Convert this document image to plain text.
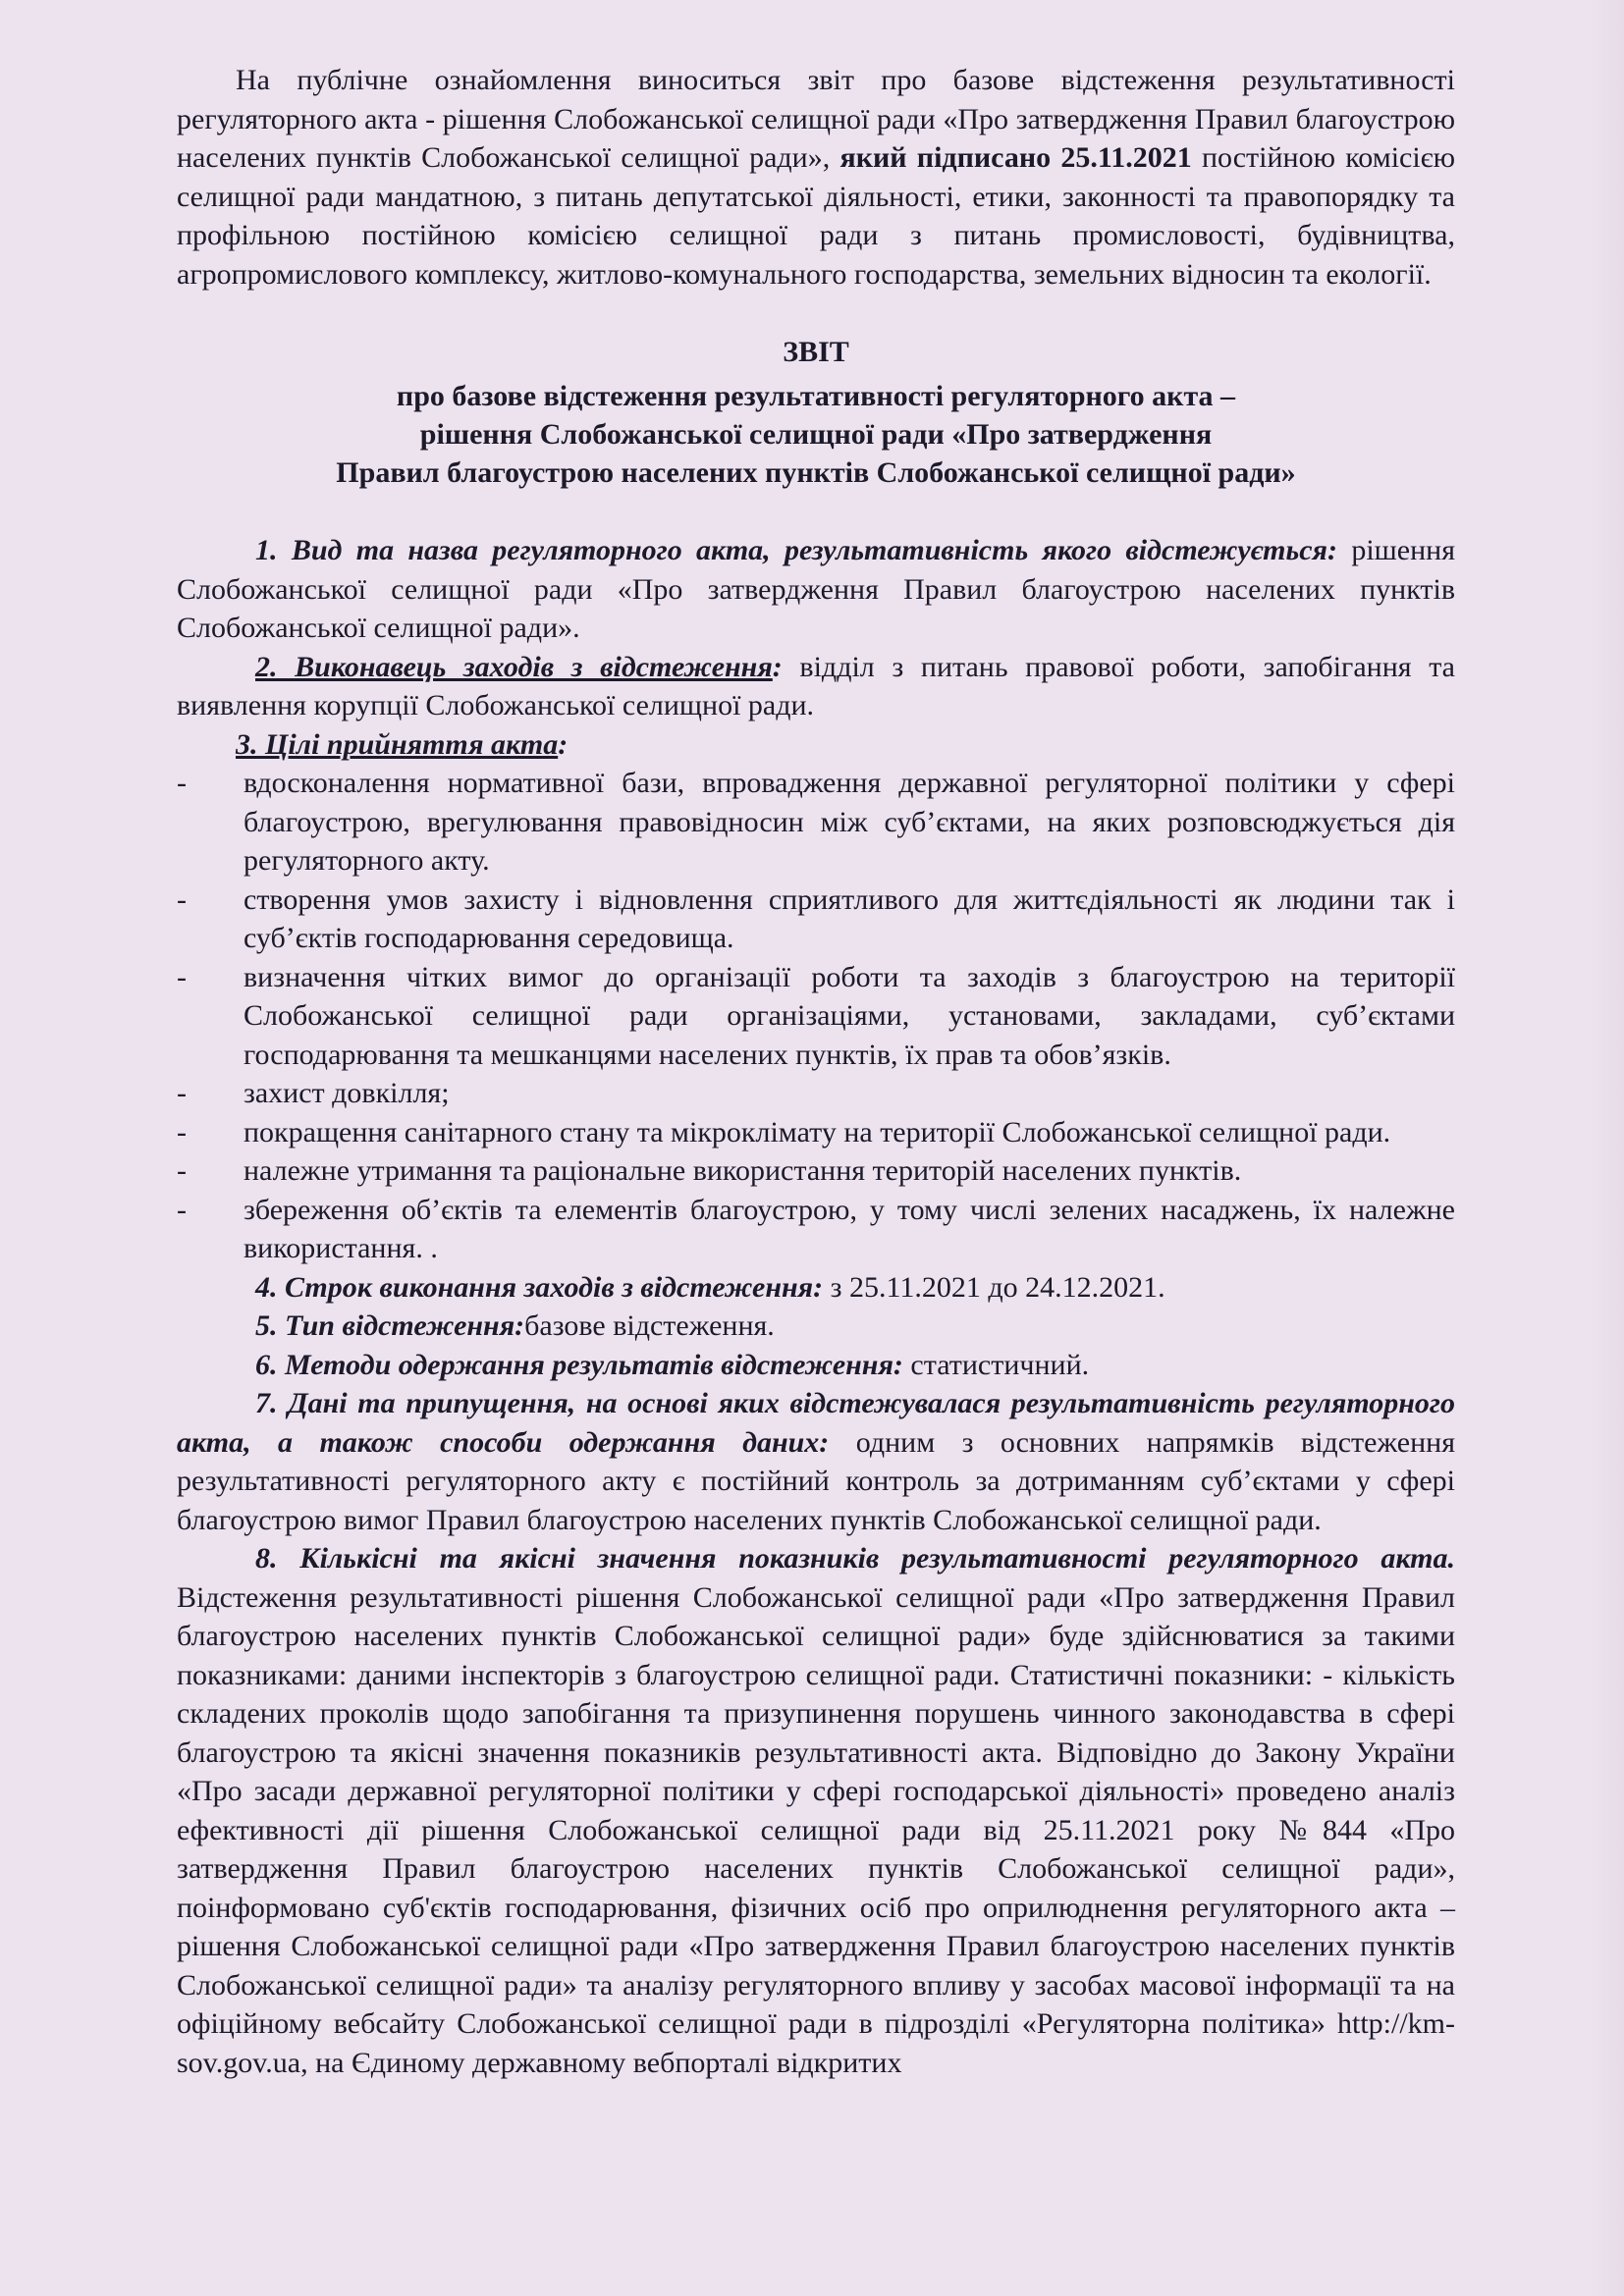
На публічне ознайомлення виноситься звіт про базове відстеження результативності регуляторного акта - рішення Слобожанської селищної ради «Про затвердження Правил благоустрою населених пунктів Слобожанської селищної ради», який підписано 25.11.2021 постійною комісією селищної ради мандатною, з питань депутатської діяльності, етики, законності та правопорядку та профільною постійною комісією селищної ради з питань промисловості, будівництва, агропромислового комплексу, житлово-комунального господарства, земельних відносин та екології.

ЗВІТ
про базове відстеження результативності регуляторного акта –
рішення Слобожанської селищної ради «Про затвердження
Правил благоустрою населених пунктів Слобожанської селищної ради»

1. Вид та назва регуляторного акта, результативність якого відстежується: рішення Слобожанської селищної ради «Про затвердження Правил благоустрою населених пунктів Слобожанської селищної ради».

2. Виконавець заходів з відстеження: відділ з питань правової роботи, запобігання та виявлення корупції Слобожанської селищної ради.

3. Цілі прийняття акта:

- вдосконалення нормативної бази, впровадження державної регуляторної політики у сфері благоустрою, врегулювання правовідносин між суб’єктами, на яких розповсюджується дія регуляторного акту.
- створення умов захисту і відновлення сприятливого для життєдіяльності як людини так і суб’єктів господарювання середовища.
- визначення чітких вимог до організації роботи та заходів з благоустрою на території Слобожанської селищної ради організаціями, установами, закладами, суб’єктами господарювання та мешканцями населених пунктів, їх прав та обов’язків.
- захист довкілля;
- покращення санітарного стану та мікроклімату на території Слобожанської селищної ради.
- належне утримання та раціональне використання територій населених пунктів.
- збереження об’єктів та елементів благоустрою, у тому числі зелених насаджень, їх належне використання. .

4. Строк виконання заходів з відстеження: з 25.11.2021 до 24.12.2021.

5. Тип відстеження:базове відстеження.

6. Методи одержання результатів відстеження: статистичний.

7. Дані та припущення, на основі яких відстежувалася результативність регуляторного акта, а також способи одержання даних: одним з основних напрямків відстеження результативності регуляторного акту є постійний контроль за дотриманням суб’єктами у сфері благоустрою вимог Правил благоустрою населених пунктів Слобожанської селищної ради.

8. Кількісні та якісні значення показників результативності регуляторного акта. Відстеження результативності рішення Слобожанської селищної ради «Про затвердження Правил благоустрою населених пунктів Слобожанської селищної ради» буде здійснюватися за такими показниками: даними інспекторів з благоустрою селищної ради. Статистичні показники: - кількість складених проколів щодо запобігання та призупинення порушень чинного законодавства в сфері благоустрою та якісні значення показників результативності акта. Відповідно до Закону України «Про засади державної регуляторної політики у сфері господарської діяльності» проведено аналіз ефективності дії рішення Слобожанської селищної ради від 25.11.2021 року №844 «Про затвердження Правил благоустрою населених пунктів Слобожанської селищної ради», поінформовано суб'єктів господарювання, фізичних осіб про оприлюднення регуляторного акта – рішення Слобожанської селищної ради «Про затвердження Правил благоустрою населених пунктів Слобожанської селищної ради» та аналізу регуляторного впливу у засобах масової інформації та на офіційному вебсайту Слобожанської селищної ради в підрозділі «Регуляторна політика» http://km-sov.gov.ua, на Єдиному державному вебпорталі відкритих
